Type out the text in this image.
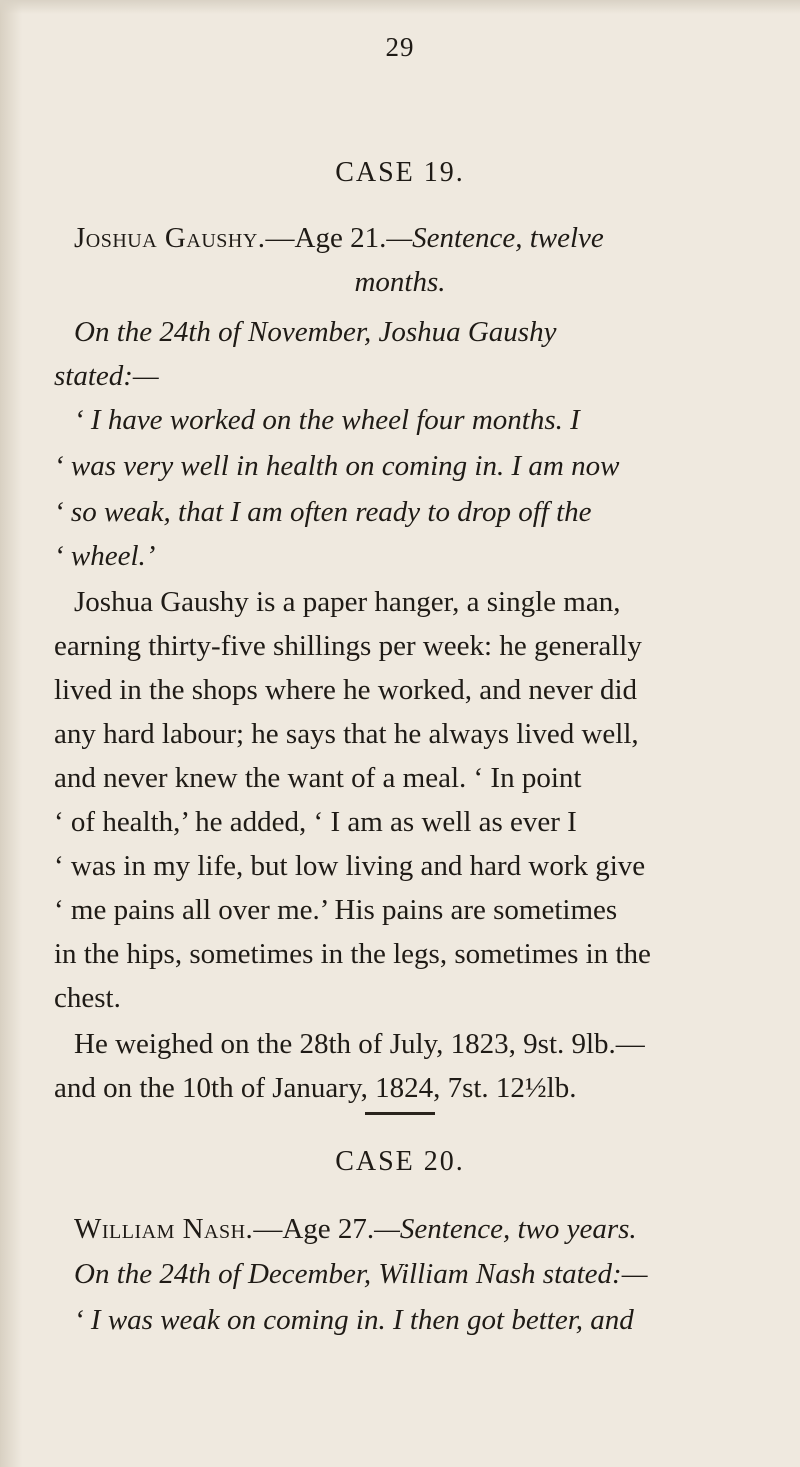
29
CASE 19.
Joshua Gaushy.—Age 21.—Sentence, twelve
months.
On the 24th of November, Joshua Gaushy
stated:—
‘ I have worked on the wheel four months. I
‘ was very well in health on coming in. I am now
‘ so weak, that I am often ready to drop off the
‘ wheel.’
Joshua Gaushy is a paper hanger, a single man,
earning thirty-five shillings per week: he generally
lived in the shops where he worked, and never did
any hard labour; he says that he always lived well,
and never knew the want of a meal. ‘ In point
‘ of health,’ he added, ‘ I am as well as ever I
‘ was in my life, but low living and hard work give
‘ me pains all over me.’ His pains are sometimes
in the hips, sometimes in the legs, sometimes in the
chest.
He weighed on the 28th of July, 1823, 9st. 9lb.—
and on the 10th of January, 1824, 7st. 12½lb.
CASE 20.
William Nash.—Age 27.—Sentence, two years.
On the 24th of December, William Nash stated:—
‘ I was weak on coming in. I then got better, and
